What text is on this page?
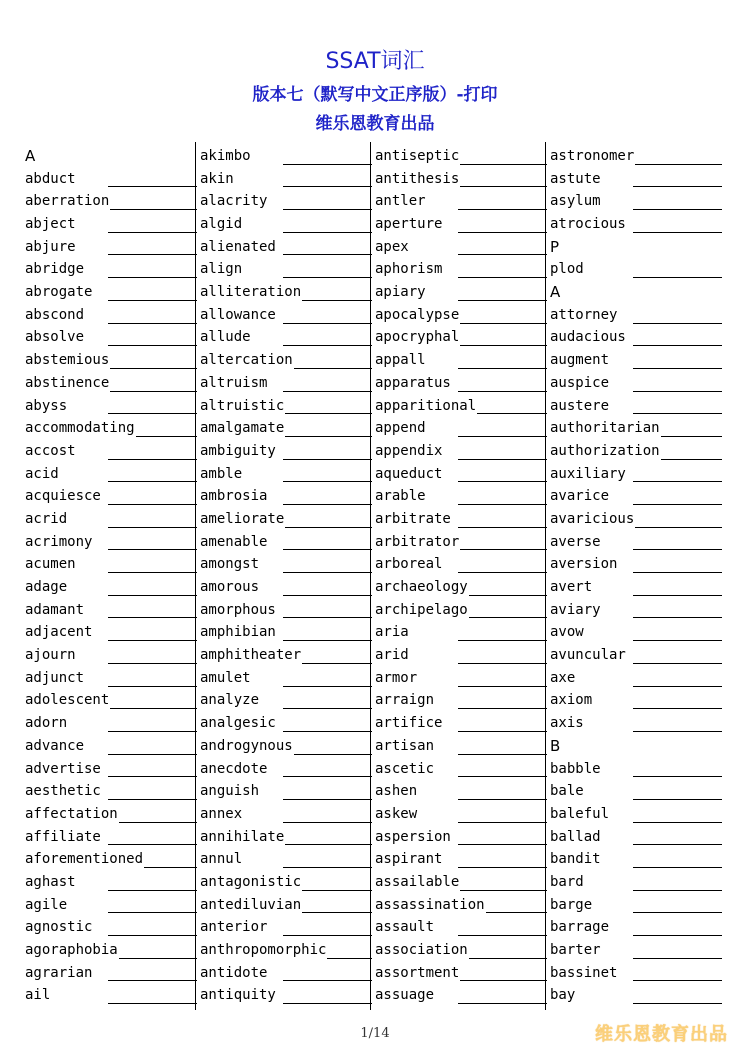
SSAT词汇
版本七（默写中文正序版）-打印
维乐恩教育出品
A
abduct
aberration
abject
abjure
abridge
abrogate
abscond
absolve
abstemious
abstinence
abyss
accommodating
accost
acid
acquiesce
acrid
acrimony
acumen
adage
adamant
adjacent
ajourn
adjunct
adolescent
adorn
advance
advertise
aesthetic
affectation
affiliate
aforementioned
aghast
agile
agnostic
agoraphobia
agrarian
ail
akimbo
akin
alacrity
algid
alienated
align
alliteration
allowance
allude
altercation
altruism
altruistic
amalgamate
ambiguity
amble
ambrosia
ameliorate
amenable
amongst
amorous
amorphous
amphibian
amphitheater
amulet
analyze
analgesic
androgynous
anecdote
anguish
annex
annihilate
annul
antagonistic
antediluvian
anterior
anthropomorphic
antidote
antiquity
antiseptic
antithesis
antler
aperture
apex
aphorism
apiary
apocalypse
apocryphal
appall
apparatus
apparitional
append
appendix
aqueduct
arable
arbitrate
arbitrator
arboreal
archaeology
archipelago
aria
arid
armor
arraign
artifice
artisan
ascetic
ashen
askew
aspersion
aspirant
assailable
assassination
assault
association
assortment
assuage
astronomer
astute
asylum
atrocious
P
plod
A
attorney
audacious
augment
auspice
austere
authoritarian
authorization
auxiliary
avarice
avaricious
averse
aversion
avert
aviary
avow
avuncular
axe
axiom
axis
B
babble
bale
baleful
ballad
bandit
bard
barge
barrage
barter
bassinet
bay
1/14	维乐恩教育出品
